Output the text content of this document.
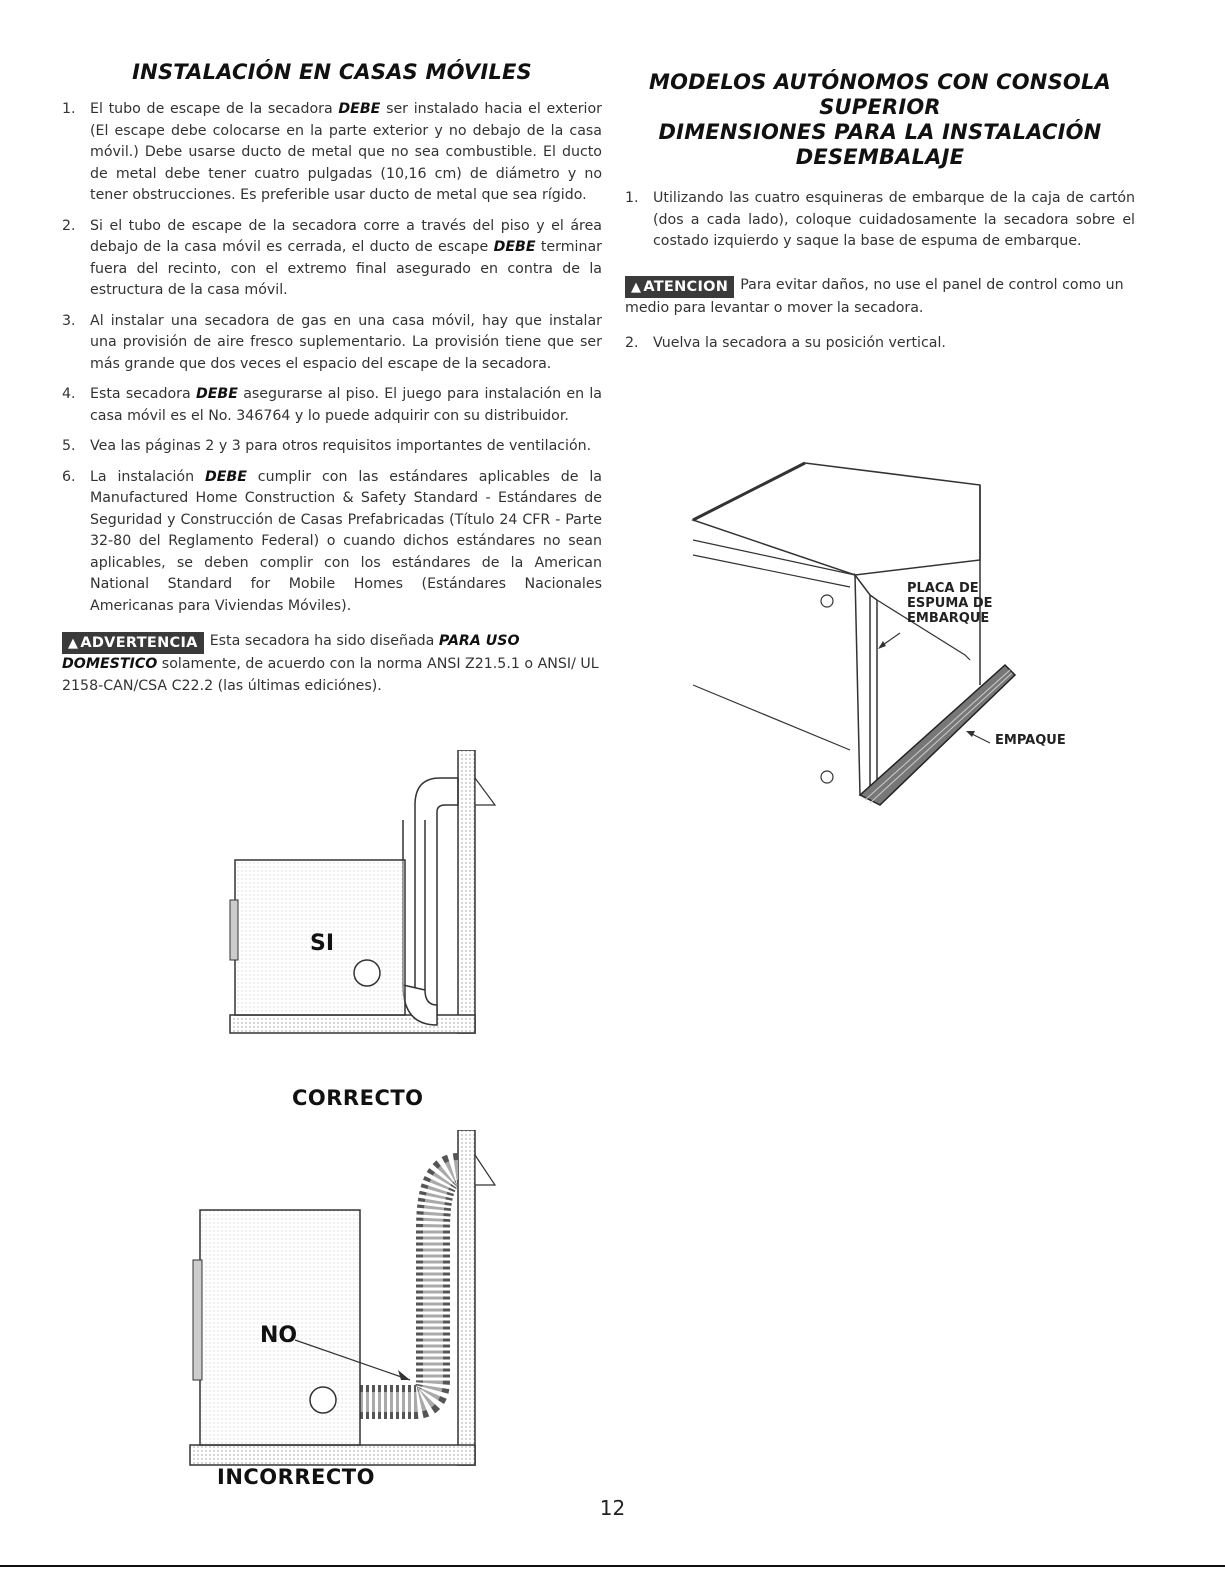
INSTALACIÓN EN CASAS MÓVILES
1. El tubo de escape de la secadora DEBE ser instalado hacia el exterior (El escape debe colocarse en la parte exterior y no debajo de la casa móvil.) Debe usarse ducto de metal que no sea combustible. El ducto de metal debe tener cuatro pulgadas (10,16 cm) de diámetro y no tener obstrucciones. Es preferible usar ducto de metal que sea rígido.
2. Si el tubo de escape de la secadora corre a través del piso y el área debajo de la casa móvil es cerrada, el ducto de escape DEBE terminar fuera del recinto, con el extremo final asegurado en contra de la estructura de la casa móvil.
3. Al instalar una secadora de gas en una casa móvil, hay que instalar una provisión de aire fresco suplementario. La provisión tiene que ser más grande que dos veces el espacio del escape de la secadora.
4. Esta secadora DEBE asegurarse al piso. El juego para instalación en la casa móvil es el No. 346764 y lo puede adquirir con su distribuidor.
5. Vea las páginas 2 y 3 para otros requisitos importantes de ventilación.
6. La instalación DEBE cumplir con las estándares aplicables de la Manufactured Home Construction & Safety Standard - Estándares de Seguridad y Construcción de Casas Prefabricadas (Título 24 CFR - Parte 32-80 del Reglamento Federal) o cuando dichos estándares no sean aplicables, se deben complir con los estándares de la American National Standard for Mobile Homes (Estándares Nacionales Americanas para Viviendas Móviles).

▲ ADVERTENCIA Esta secadora ha sido diseñada PARA USO DOMESTICO solamente, de acuerdo con la norma ANSI Z21.5.1 o ANSI/ UL 2158-CAN/CSA C22.2 (las últimas ediciónes).

SI
CORRECTO
NO
INCORRECTO
MODELOS AUTÓNOMOS CON CONSOLA
SUPERIOR
DIMENSIONES PARA LA INSTALACIÓN
DESEMBALAJE
1. Utilizando las cuatro esquineras de embarque de la caja de cartón (dos a cada lado), coloque cuidadosamente la secadora sobre el costado izquierdo y saque la base de espuma de embarque.

▲ ATENCION Para evitar daños, no use el panel de control como un medio para levantar o mover la secadora.

2. Vuelva la secadora a su posición vertical.
PLACA DE
ESPUMA DE
EMBARQUE
EMPAQUE
12
